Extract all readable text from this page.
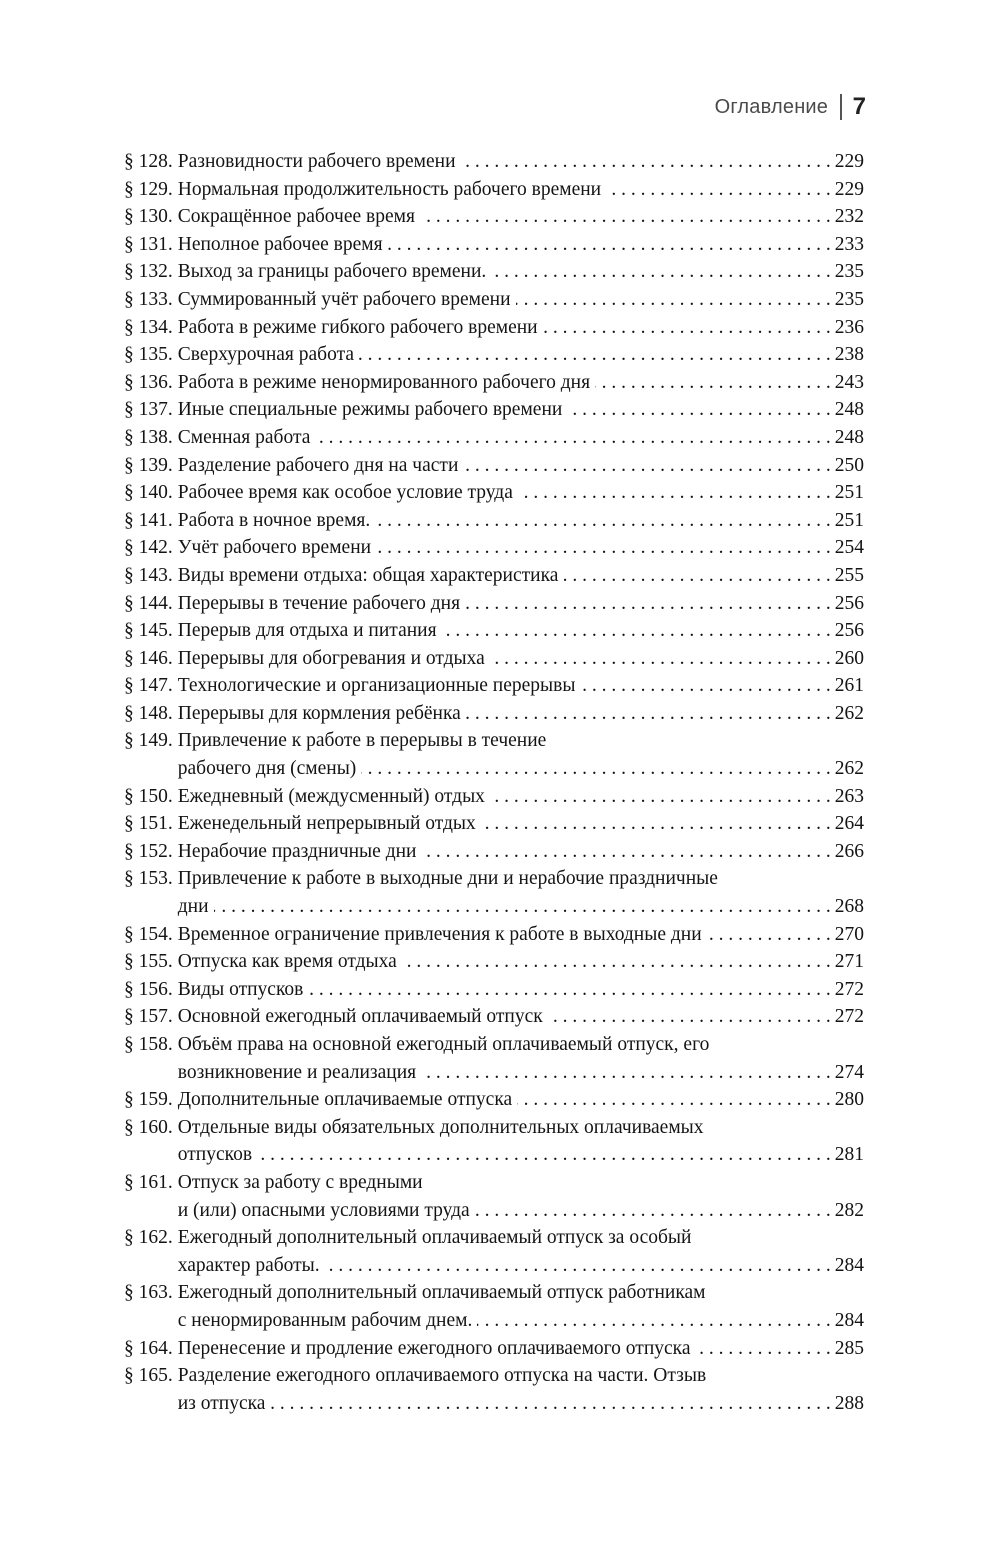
Оглавление 7
§ 128. Разновидности рабочего времени . . .	229
§ 129. Нормальная продолжительность рабочего времени . . .	229
§ 130. Сокращённое рабочее время . . .	232
§ 131. Неполное рабочее время . . .	233
§ 132. Выход за границы рабочего времени. . . .	235
§ 133. Суммированный учёт рабочего времени . . .	235
§ 134. Работа в режиме гибкого рабочего времени . . .	236
§ 135. Сверхурочная работа . . .	238
§ 136. Работа в режиме ненормированного рабочего дня . . .	243
§ 137. Иные специальные режимы рабочего времени . . .	248
§ 138. Сменная работа . . .	248
§ 139. Разделение рабочего дня на части . . .	250
§ 140. Рабочее время как особое условие труда . . .	251
§ 141. Работа в ночное время. . . .	251
§ 142. Учёт рабочего времени . . .	254
§ 143. Виды времени отдыха: общая характеристика . . .	255
§ 144. Перерывы в течение рабочего дня . . .	256
§ 145. Перерыв для отдыха и питания . . .	256
§ 146. Перерывы для обогревания и отдыха . . .	260
§ 147. Технологические и организационные перерывы . . .	261
§ 148. Перерывы для кормления ребёнка . . .	262
§ 149. Привлечение к работе в перерывы в течение
рабочего дня (смены) . . .	262
§ 150. Ежедневный (междусменный) отдых . . .	263
§ 151. Еженедельный непрерывный отдых . . .	264
§ 152. Нерабочие праздничные дни . . .	266
§ 153. Привлечение к работе в выходные дни и нерабочие праздничные
дни . . .	268
§ 154. Временное ограничение привлечения к работе в выходные дни . . .	270
§ 155. Отпуска как время отдыха . . .	271
§ 156. Виды отпусков . . .	272
§ 157. Основной ежегодный оплачиваемый отпуск . . .	272
§ 158. Объём права на основной ежегодный оплачиваемый отпуск, его
возникновение и реализация . . .	274
§ 159. Дополнительные оплачиваемые отпуска . . .	280
§ 160. Отдельные виды обязательных дополнительных оплачиваемых
отпусков . . .	281
§ 161. Отпуск за работу с вредными
и (или) опасными условиями труда . . .	282
§ 162. Ежегодный дополнительный оплачиваемый отпуск за особый
характер работы. . . .	284
§ 163. Ежегодный дополнительный оплачиваемый отпуск работникам
с ненормированным рабочим днем. . . .	284
§ 164. Перенесение и продление ежегодного оплачиваемого отпуска . . .	285
§ 165. Разделение ежегодного оплачиваемого отпуска на части. Отзыв
из отпуска . . .	288
